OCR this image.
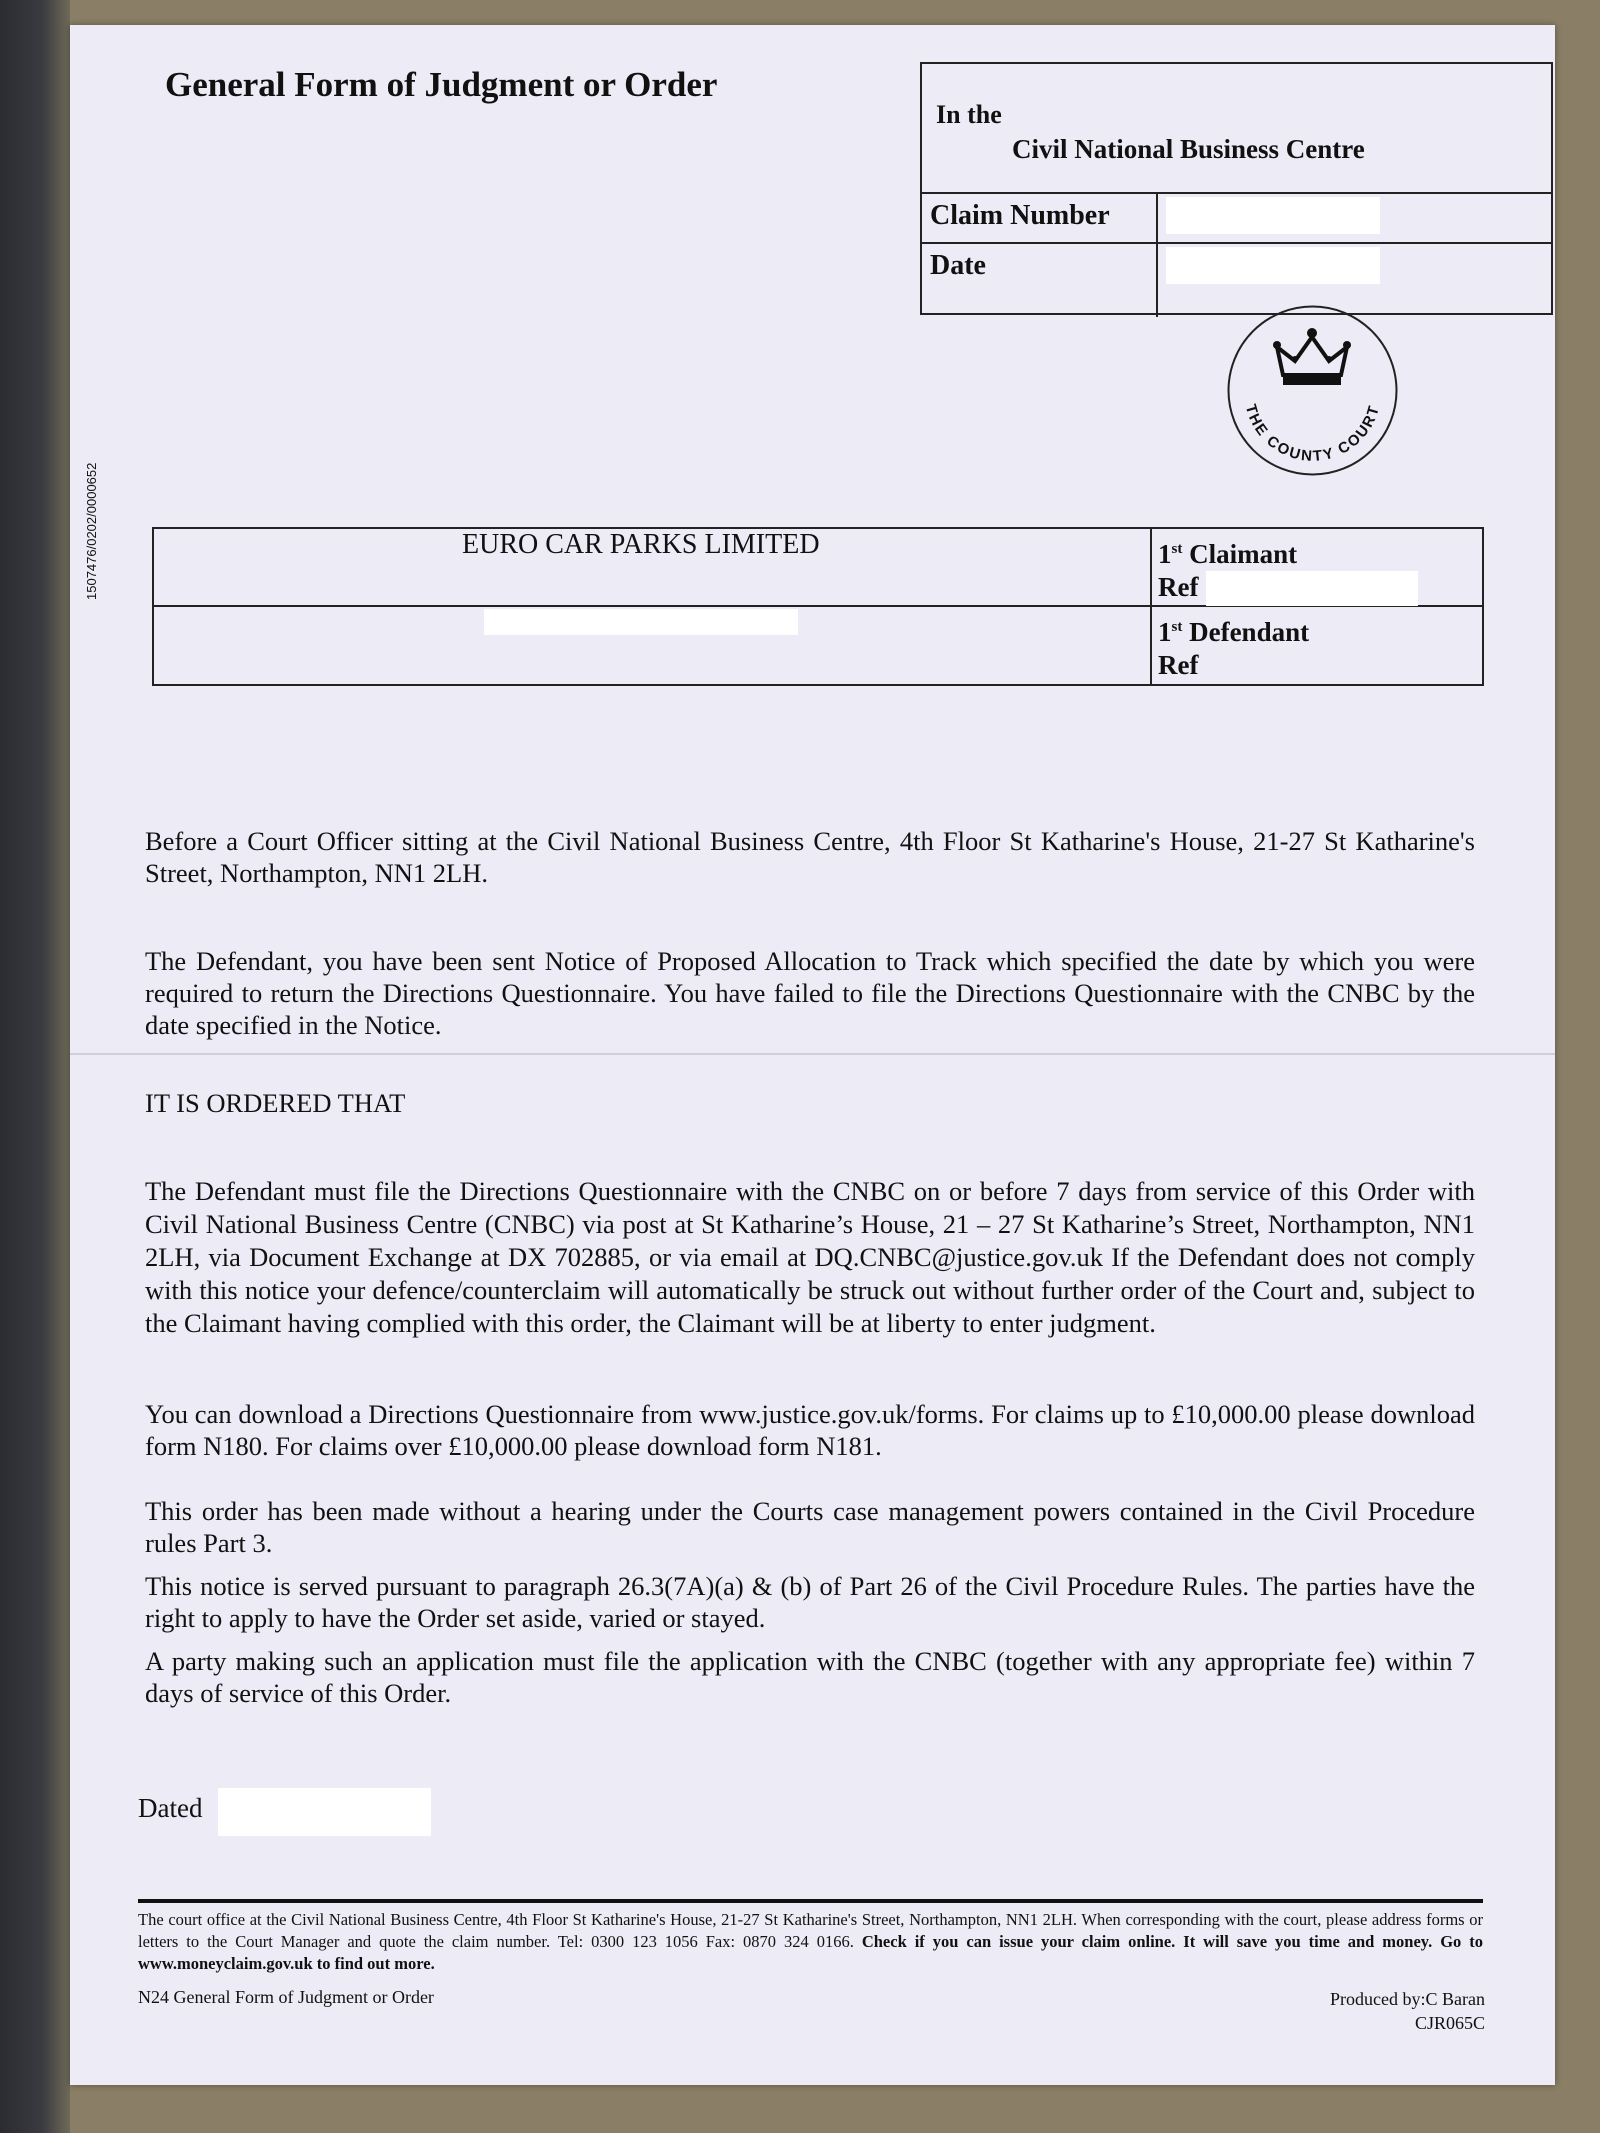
General Form of Judgment or Order
1507476/0202/0000652
In the
Civil National Business Centre
Claim Number
Date
THE COUNTY COURT
EURO CAR PARKS LIMITED	1st Claimant
Ref
1st Defendant
Ref

Before a Court Officer sitting at the Civil National Business Centre, 4th Floor St Katharine's House, 21-27 St Katharine's Street, Northampton, NN1 2LH.

The Defendant, you have been sent Notice of Proposed Allocation to Track which specified the date by which you were required to return the Directions Questionnaire. You have failed to file the Directions Questionnaire with the CNBC by the date specified in the Notice.

IT IS ORDERED THAT

The Defendant must file the Directions Questionnaire with the CNBC on or before 7 days from service of this Order with Civil National Business Centre (CNBC) via post at St Katharine’s House, 21 – 27 St Katharine’s Street, Northampton, NN1 2LH, via Document Exchange at DX 702885, or via email at DQ.CNBC@justice.gov.uk If the Defendant does not comply with this notice your defence/counterclaim will automatically be struck out without further order of the Court and, subject to the Claimant having complied with this order, the Claimant will be at liberty to enter judgment.

You can download a Directions Questionnaire from www.justice.gov.uk/forms. For claims up to £10,000.00 please download form N180. For claims over £10,000.00 please download form N181.

This order has been made without a hearing under the Courts case management powers contained in the Civil Procedure rules Part 3.

This notice is served pursuant to paragraph 26.3(7A)(a) & (b) of Part 26 of the Civil Procedure Rules. The parties have the right to apply to have the Order set aside, varied or stayed.

A party making such an application must file the application with the CNBC (together with any appropriate fee) within 7 days of service of this Order.

Dated

The court office at the Civil National Business Centre, 4th Floor St Katharine's House, 21-27 St Katharine's Street, Northampton, NN1 2LH. When corresponding with the court, please address forms or letters to the Court Manager and quote the claim number. Tel: 0300 123 1056 Fax: 0870 324 0166. Check if you can issue your claim online. It will save you time and money. Go to www.moneyclaim.gov.uk to find out more.

N24 General Form of Judgment or Order	Produced by:C Baran
CJR065C
